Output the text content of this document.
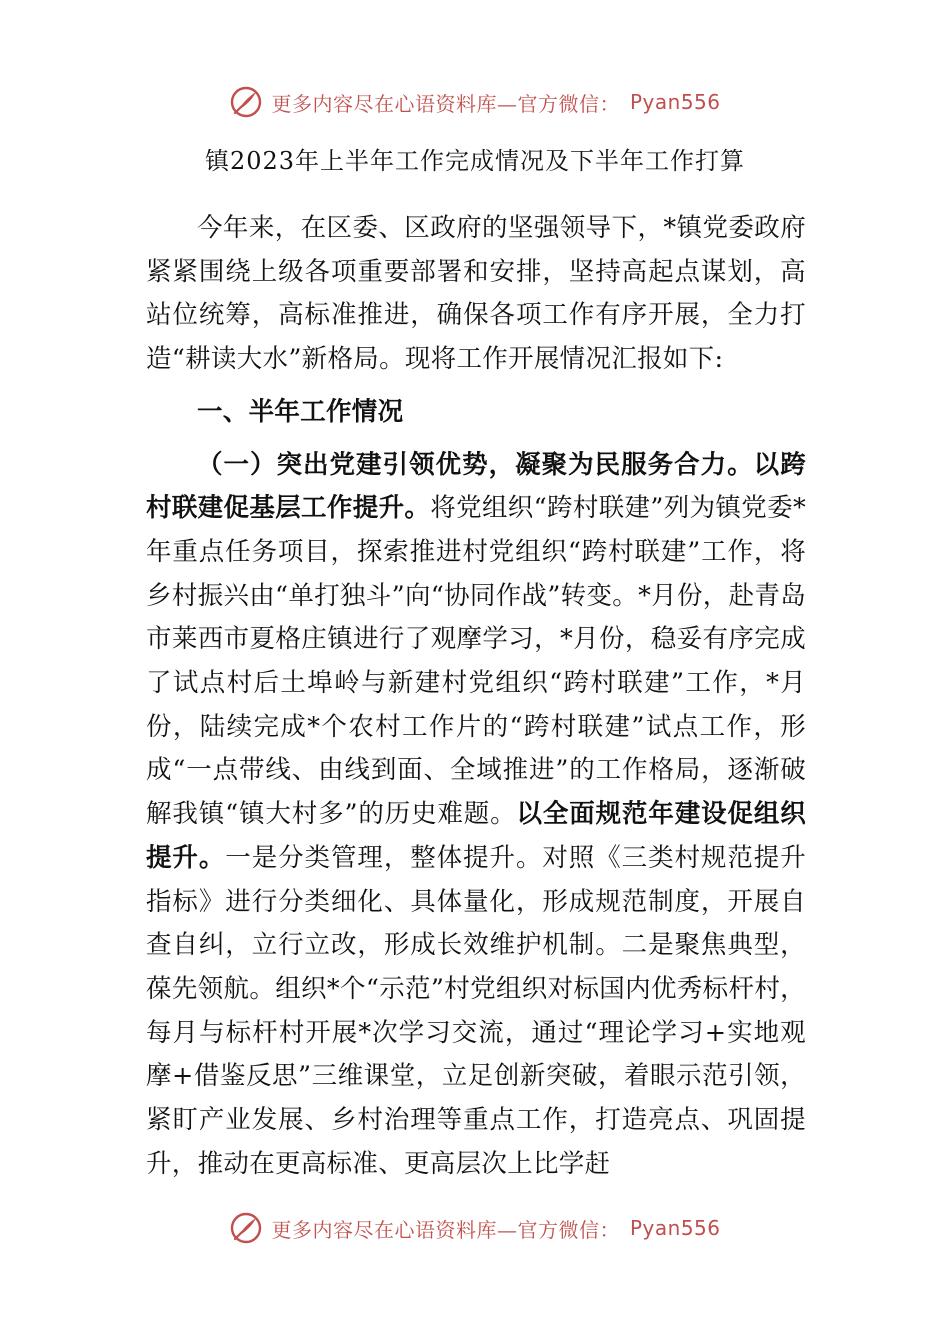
更多内容尽在心语资料库—官方微信： Pyan556
镇2023年上半年工作完成情况及下半年工作打算

今年来，在区委、区政府的坚强领导下，*镇党委政府紧紧围绕上级各项重要部署和安排，坚持高起点谋划，高站位统筹，高标准推进，确保各项工作有序开展，全力打造“耕读大水”新格局。现将工作开展情况汇报如下:

一、半年工作情况

（一）突出党建引领优势，凝聚为民服务合力。以跨村联建促基层工作提升。将党组织“跨村联建”列为镇党委*年重点任务项目，探索推进村党组织“跨村联建”工作，将乡村振兴由“单打独斗”向“协同作战”转变。*月份，赴青岛市莱西市夏格庄镇进行了观摩学习，*月份，稳妥有序完成了试点村后土埠岭与新建村党组织“跨村联建”工作，*月份，陆续完成*个农村工作片的“跨村联建”试点工作，形成“一点带线、由线到面、全域推进”的工作格局，逐渐破解我镇“镇大村多”的历史难题。以全面规范年建设促组织提升。一是分类管理，整体提升。对照《三类村规范提升指标》进行分类细化、具体量化，形成规范制度，开展自查自纠，立行立改，形成长效维护机制。二是聚焦典型，葆先领航。组织*个“示范”村党组织对标国内优秀标杆村，每月与标杆村开展*次学习交流，通过“理论学习+实地观摩+借鉴反思”三维课堂，立足创新突破，着眼示范引领，紧盯产业发展、乡村治理等重点工作，打造亮点、巩固提升，推动在更高标准、更高层次上比学赶

更多内容尽在心语资料库—官方微信： Pyan556
